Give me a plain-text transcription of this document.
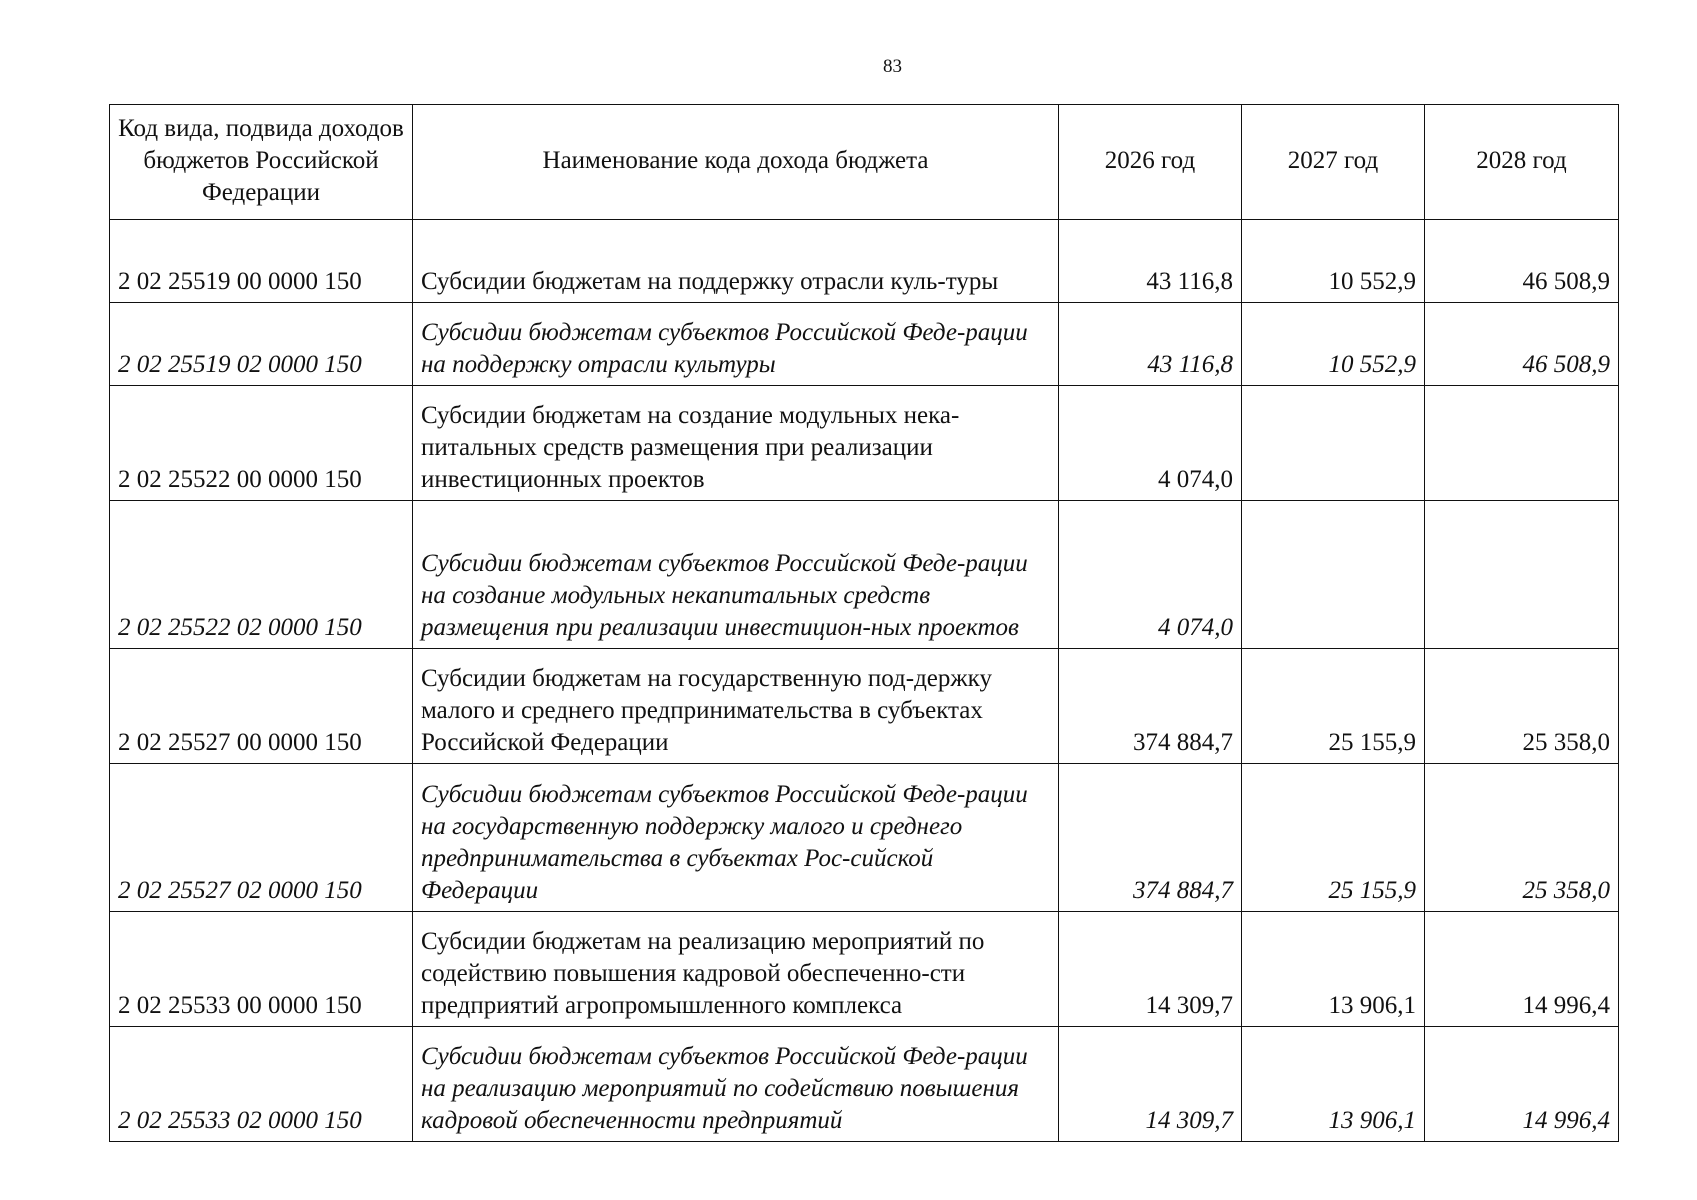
83
Код вида, подвида доходов бюджетов Российской Федерации	Наименование кода дохода бюджета	2026 год	2027 год	2028 год
2 02 25519 00 0000 150	Субсидии бюджетам на поддержку отрасли куль-туры	43 116,8	10 552,9	46 508,9
2 02 25519 02 0000 150	Субсидии бюджетам субъектов Российской Феде-рации на поддержку отрасли культуры	43 116,8	10 552,9	46 508,9
2 02 25522 00 0000 150	Субсидии бюджетам на создание модульных нека-питальных средств размещения при реализации инвестиционных проектов	4 074,0		
2 02 25522 02 0000 150	Субсидии бюджетам субъектов Российской Феде-рации на создание модульных некапитальных средств размещения при реализации инвестицион-ных проектов	4 074,0		
2 02 25527 00 0000 150	Субсидии бюджетам на государственную под-держку малого и среднего предпринимательства в субъектах Российской Федерации	374 884,7	25 155,9	25 358,0
2 02 25527 02 0000 150	Субсидии бюджетам субъектов Российской Феде-рации на государственную поддержку малого и среднего предпринимательства в субъектах Рос-сийской Федерации	374 884,7	25 155,9	25 358,0
2 02 25533 00 0000 150	Субсидии бюджетам на реализацию мероприятий по содействию повышения кадровой обеспеченно-сти предприятий агропромышленного комплекса	14 309,7	13 906,1	14 996,4
2 02 25533 02 0000 150	Субсидии бюджетам субъектов Российской Феде-рации на реализацию мероприятий по содействию повышения кадровой обеспеченности предприятий	14 309,7	13 906,1	14 996,4
